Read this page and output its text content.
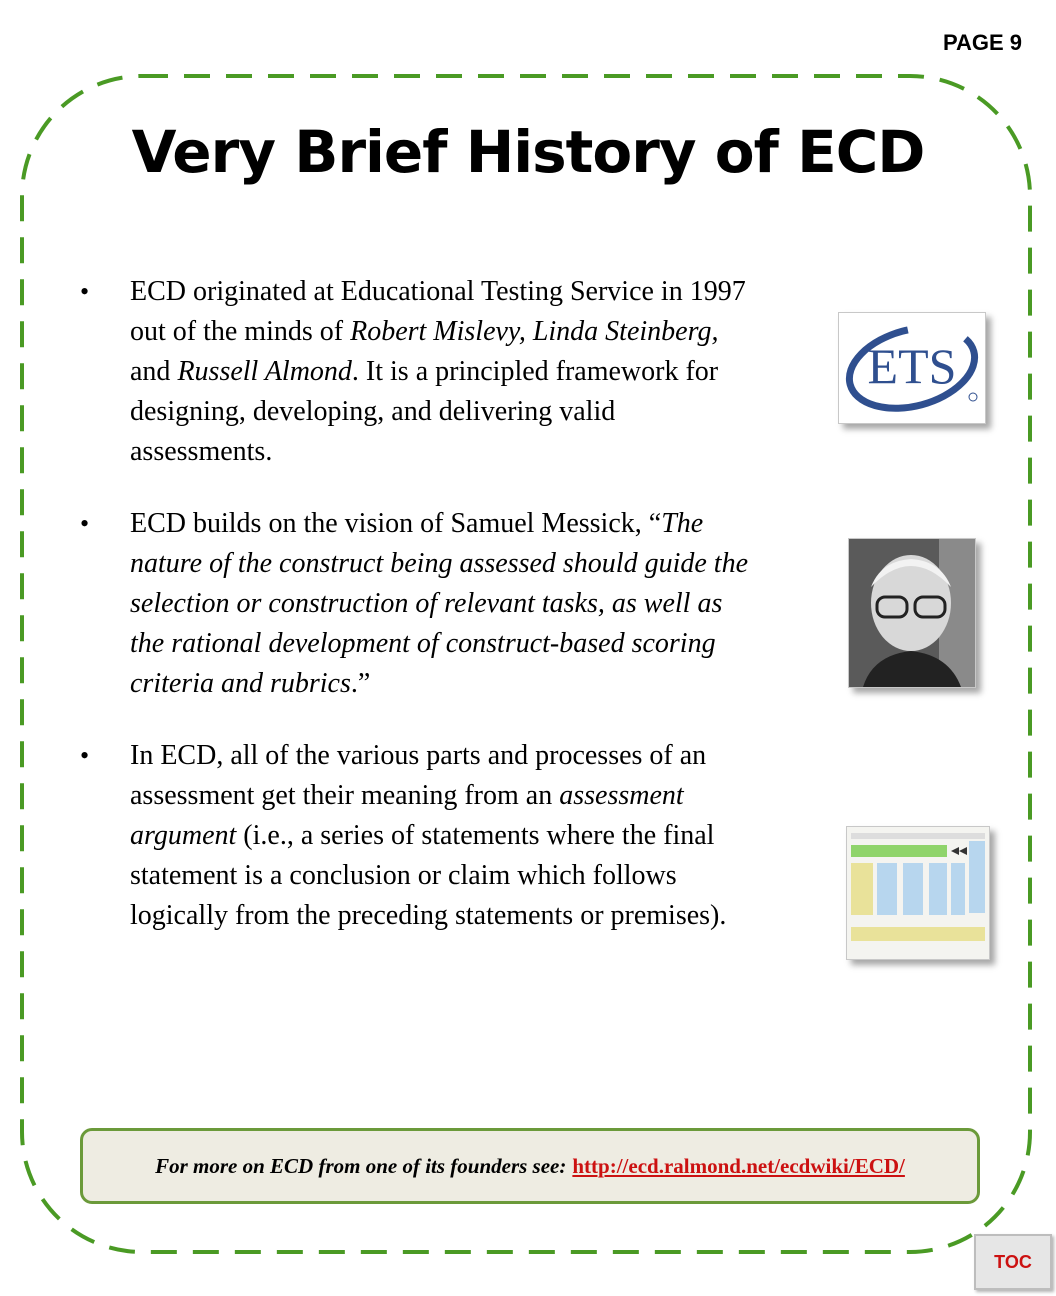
PAGE 9
Very Brief History of ECD
• ECD originated at Educational Testing Service in 1997 out of the minds of Robert Mislevy, Linda Steinberg, and Russell Almond. It is a principled framework for designing, developing, and delivering valid assessments.
• ECD builds on the vision of Samuel Messick, “The nature of the construct being assessed should guide the selection or construction of relevant tasks, as well as the rational development of construct-based scoring criteria and rubrics.”
• In ECD, all of the various parts and processes of an assessment get their meaning from an assessment argument (i.e., a series of statements where the final statement is a conclusion or claim which follows logically from the preceding statements or premises).
ETS
For more on ECD from one of its founders see: http://ecd.ralmond.net/ecdwiki/ECD/
TOC
